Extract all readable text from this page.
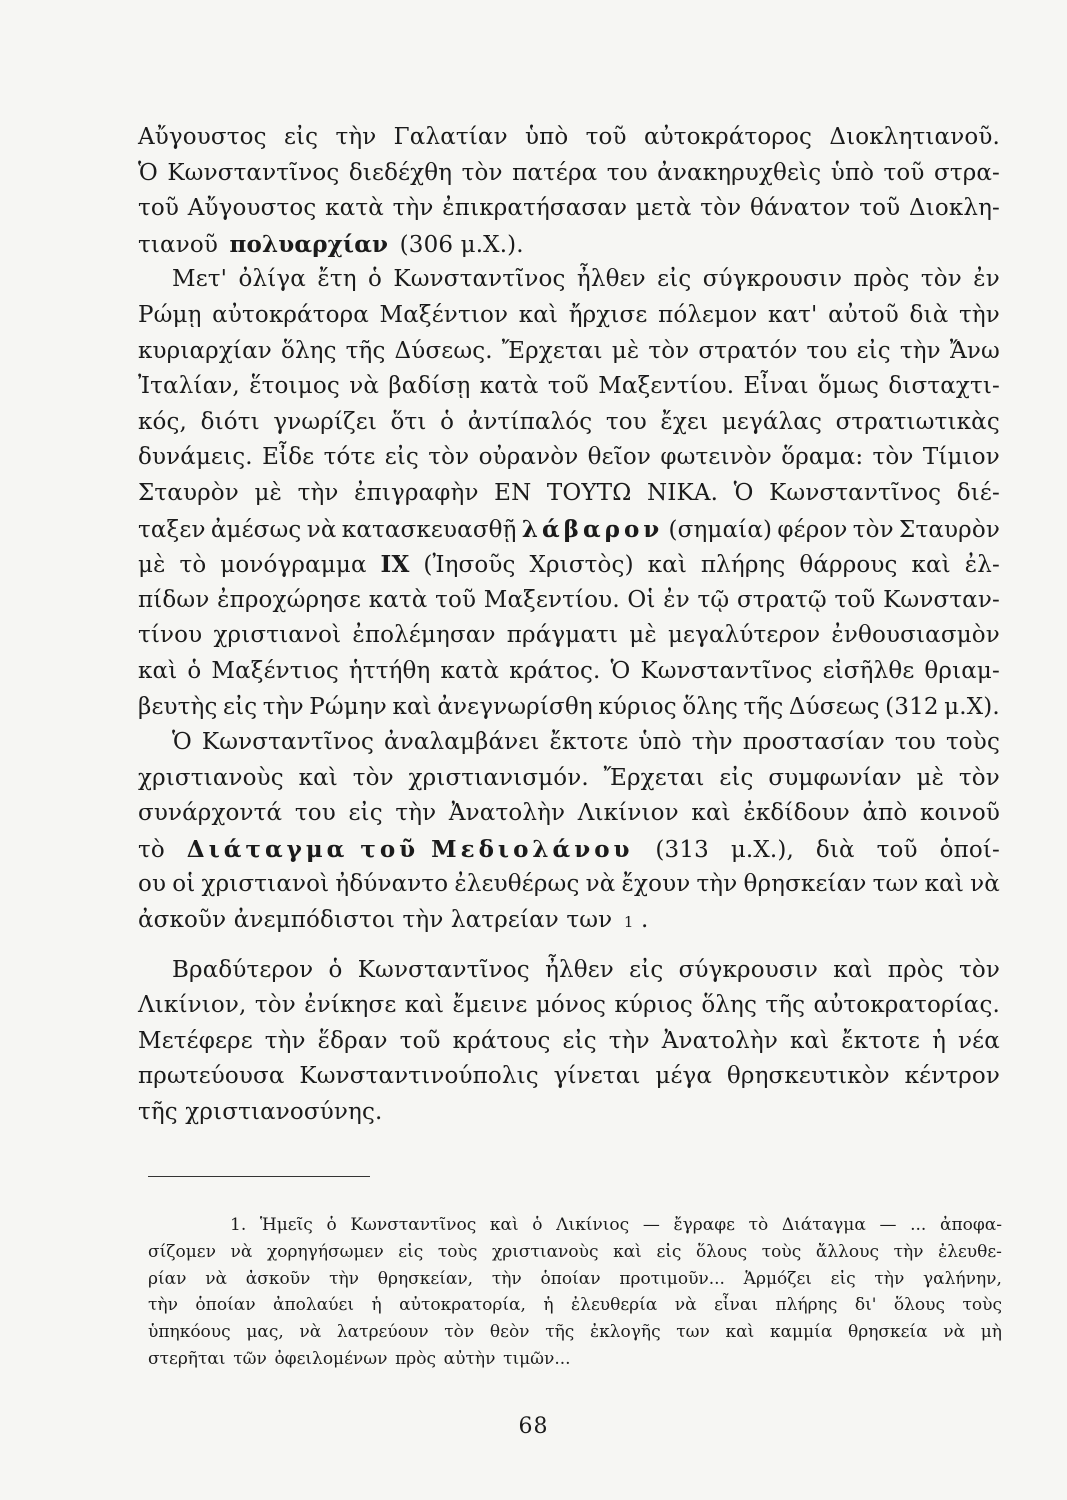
Αὔγουστος εἰς τὴν Γαλατίαν ὑπὸ τοῦ αὐτοκράτορος Διοκλητιανοῦ.
Ὁ Κωνσταντῖνος διεδέχθη τὸν πατέρα του ἀνακηρυχθεὶς ὑπὸ τοῦ στρα-
τοῦ Αὔγουστος κατὰ τὴν ἐπικρατήσασαν μετὰ τὸν θάνατον τοῦ Διοκλη-
τιανοῦ πολυαρχίαν (306 μ.Χ.).
Μετ' ὀλίγα ἔτη ὁ Κωνσταντῖνος ἦλθεν εἰς σύγκρουσιν πρὸς τὸν ἐν
Ρώμῃ αὐτοκράτορα Μαξέντιον καὶ ἤρχισε πόλεμον κατ' αὐτοῦ διὰ τὴν
κυριαρχίαν ὅλης τῆς Δύσεως. Ἔρχεται μὲ τὸν στρατόν του εἰς τὴν Ἄνω
Ἰταλίαν, ἕτοιμος νὰ βαδίσῃ κατὰ τοῦ Μαξεντίου. Εἶναι ὅμως δισταχτι-
κός, διότι γνωρίζει ὅτι ὁ ἀντίπαλός του ἔχει μεγάλας στρατιωτικὰς
δυνάμεις. Εἶδε τότε εἰς τὸν οὐρανὸν θεῖον φωτεινὸν ὅραμα: τὸν Τίμιον
Σταυρὸν μὲ τὴν ἐπιγραφὴν ΕΝ ΤΟΥΤΩ ΝΙΚΑ. Ὁ Κωνσταντῖνος διέ-
ταξεν ἀμέσως νὰ κατασκευασθῇ λάβαρον (σημαία) φέρον τὸν Σταυρὸν
μὲ τὸ μονόγραμμα ΙΧ (Ἰησοῦς Χριστὸς) καὶ πλήρης θάρρους καὶ ἐλ-
πίδων ἐπροχώρησε κατὰ τοῦ Μαξεντίου. Οἱ ἐν τῷ στρατῷ τοῦ Κωνσταν-
τίνου χριστιανοὶ ἐπολέμησαν πράγματι μὲ μεγαλύτερον ἐνθουσιασμὸν
καὶ ὁ Μαξέντιος ἡττήθη κατὰ κράτος. Ὁ Κωνσταντῖνος εἰσῆλθε θριαμ-
βευτὴς εἰς τὴν Ρώμην καὶ ἀνεγνωρίσθη κύριος ὅλης τῆς Δύσεως (312 μ.Χ).
Ὁ Κωνσταντῖνος ἀναλαμβάνει ἔκτοτε ὑπὸ τὴν προστασίαν του τοὺς
χριστιανοὺς καὶ τὸν χριστιανισμόν. Ἔρχεται εἰς συμφωνίαν μὲ τὸν
συνάρχοντά του εἰς τὴν Ἀνατολὴν Λικίνιον καὶ ἐκδίδουν ἀπὸ κοινοῦ
τὸ Διάταγμα τοῦ Μεδιολάνου (313 μ.Χ.), διὰ τοῦ ὁποί-
ου οἱ χριστιανοὶ ἠδύναντο ἐλευθέρως νὰ ἔχουν τὴν θρησκείαν των καὶ νὰ
ἀσκοῦν ἀνεμπόδιστοι τὴν λατρείαν των 1 .
Βραδύτερον ὁ Κωνσταντῖνος ἦλθεν εἰς σύγκρουσιν καὶ πρὸς τὸν
Λικίνιον, τὸν ἐνίκησε καὶ ἔμεινε μόνος κύριος ὅλης τῆς αὐτοκρατορίας.
Μετέφερε τὴν ἕδραν τοῦ κράτους εἰς τὴν Ἀνατολὴν καὶ ἔκτοτε ἡ νέα
πρωτεύουσα Κωνσταντινούπολις γίνεται μέγα θρησκευτικὸν κέντρον
τῆς χριστιανοσύνης.
1. Ἡμεῖς ὁ Κωνσταντῖνος καὶ ὁ Λικίνιος — ἔγραφε τὸ Διάταγμα — ... ἀποφα-
σίζομεν νὰ χορηγήσωμεν εἰς τοὺς χριστιανοὺς καὶ εἰς ὅλους τοὺς ἄλλους τὴν ἐλευθε-
ρίαν νὰ ἀσκοῦν τὴν θρησκείαν, τὴν ὁποίαν προτιμοῦν... Ἁρμόζει εἰς τὴν γαλήνην,
τὴν ὁποίαν ἀπολαύει ἡ αὐτοκρατορία, ἡ ἐλευθερία νὰ εἶναι πλήρης δι' ὅλους τοὺς
ὑπηκόους μας, νὰ λατρεύουν τὸν θεὸν τῆς ἐκλογῆς των καὶ καμμία θρησκεία νὰ μὴ
στερῆται τῶν ὀφειλομένων πρὸς αὐτὴν τιμῶν...
68
